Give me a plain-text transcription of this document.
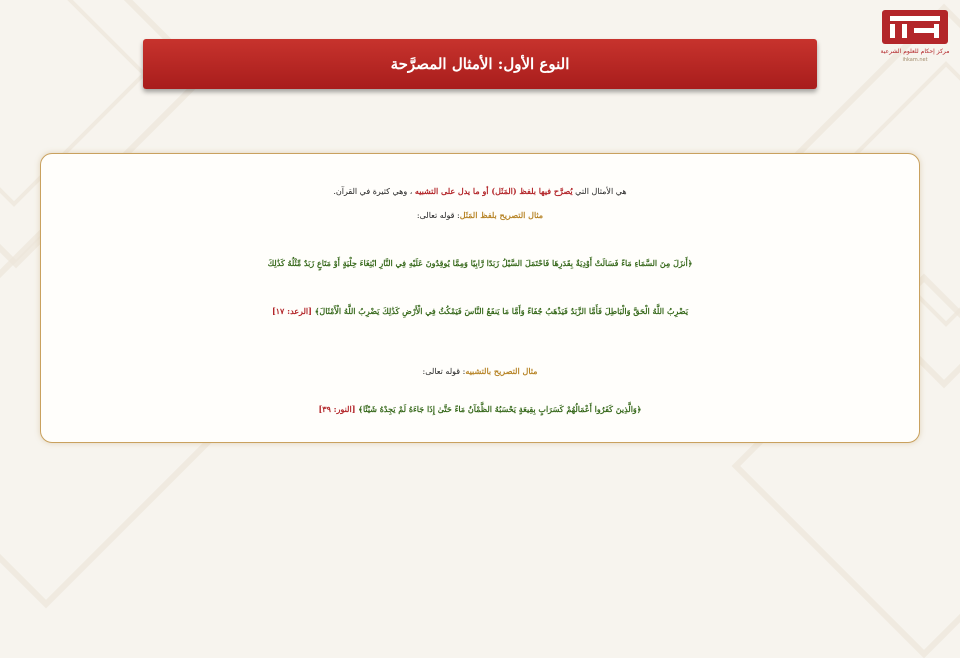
مركز إحكام للعلوم الشرعية
ihkam.net
النوع الأول: الأمثال المصرَّحة
هي الأمثال التي يُصرَّح فيها بلفظ (المَثَل) أو ما يدل على التشبيه ، وهي كثيرة في القرآن.
مثال التصريح بلفظ المَثَل: قوله تعالى:
﴿أَنزَلَ مِنَ السَّمَاءِ مَاءً فَسَالَتْ أَوْدِيَةٌ بِقَدَرِهَا فَاحْتَمَلَ السَّيْلُ زَبَدًا رَّابِيًا وَمِمَّا يُوقِدُونَ عَلَيْهِ فِي النَّارِ ابْتِغَاءَ حِلْيَةٍ أَوْ مَتَاعٍ زَبَدٌ مِّثْلُهُ كَذَٰلِكَ
يَضْرِبُ اللَّهُ الْحَقَّ وَالْبَاطِلَ فَأَمَّا الزَّبَدُ فَيَذْهَبُ جُفَاءً وَأَمَّا مَا يَنفَعُ النَّاسَ فَيَمْكُثُ فِي الْأَرْضِ كَذَٰلِكَ يَضْرِبُ اللَّهُ الْأَمْثَالَ﴾ [الرعد: ١٧]
مثال التصريح بالتشبيه: قوله تعالى:
﴿وَالَّذِينَ كَفَرُوا أَعْمَالُهُمْ كَسَرَابٍ بِقِيعَةٍ يَحْسَبُهُ الظَّمْآنُ مَاءً حَتَّىٰ إِذَا جَاءَهُ لَمْ يَجِدْهُ شَيْئًا﴾ [النور: ٣٩]
